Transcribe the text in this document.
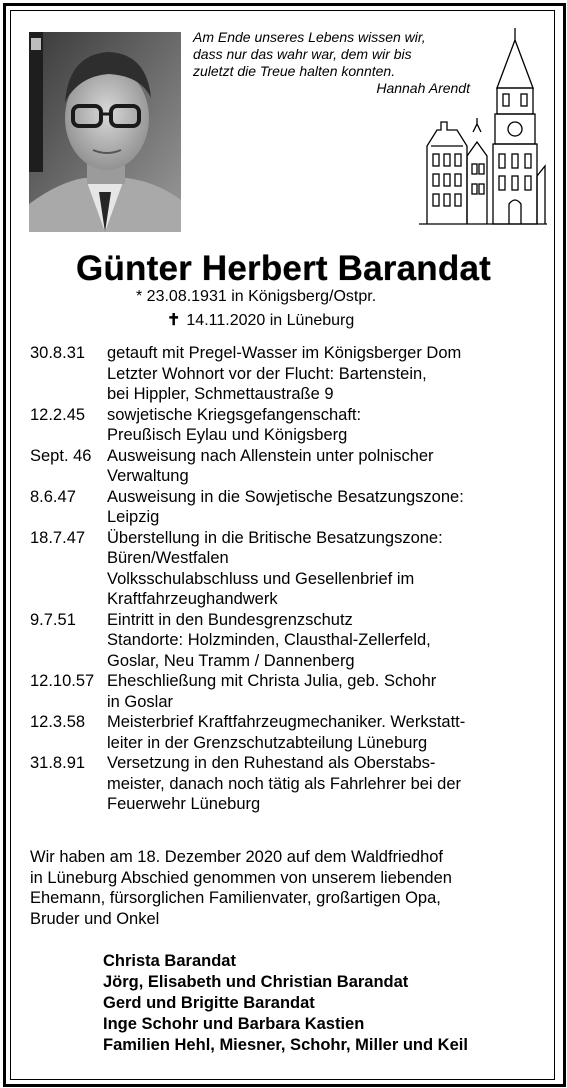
Am Ende unseres Lebens wissen wir,
dass nur das wahr war, dem wir bis
zuletzt die Treue halten konnten.
Hannah Arendt
Günter Herbert Barandat
* 23.08.1931 in Königsberg/Ostpr.
✝ 14.11.2020 in Lüneburg
30.8.31	getauft mit Pregel-Wasser im Königsberger Dom
Letzter Wohnort vor der Flucht: Bartenstein,
bei Hippler, Schmettaustraße 9
12.2.45	sowjetische Kriegsgefangenschaft:
Preußisch Eylau und Königsberg
Sept. 46 Ausweisung nach Allenstein unter polnischer
Verwaltung
8.6.47	Ausweisung in die Sowjetische Besatzungszone:
Leipzig
18.7.47	Überstellung in die Britische Besatzungszone:
Büren/Westfalen
Volksschulabschluss und Gesellenbrief im
Kraftfahrzeughandwerk
9.7.51	Eintritt in den Bundesgrenzschutz
Standorte: Holzminden, Clausthal-Zellerfeld,
Goslar, Neu Tramm / Dannenberg
12.10.57 Eheschließung mit Christa Julia, geb. Schohr
in Goslar
12.3.58	Meisterbrief Kraftfahrzeugmechaniker. Werkstatt-
leiter in der Grenzschutzabteilung Lüneburg
31.8.91	Versetzung in den Ruhestand als Oberstabs-
meister, danach noch tätig als Fahrlehrer bei der
Feuerwehr Lüneburg
Wir haben am 18. Dezember 2020 auf dem Waldfriedhof
in Lüneburg Abschied genommen von unserem liebenden
Ehemann, fürsorglichen Familienvater, großartigen Opa,
Bruder und Onkel
Christa Barandat
Jörg, Elisabeth und Christian Barandat
Gerd und Brigitte Barandat
Inge Schohr und Barbara Kastien
Familien Hehl, Miesner, Schohr, Miller und Keil
